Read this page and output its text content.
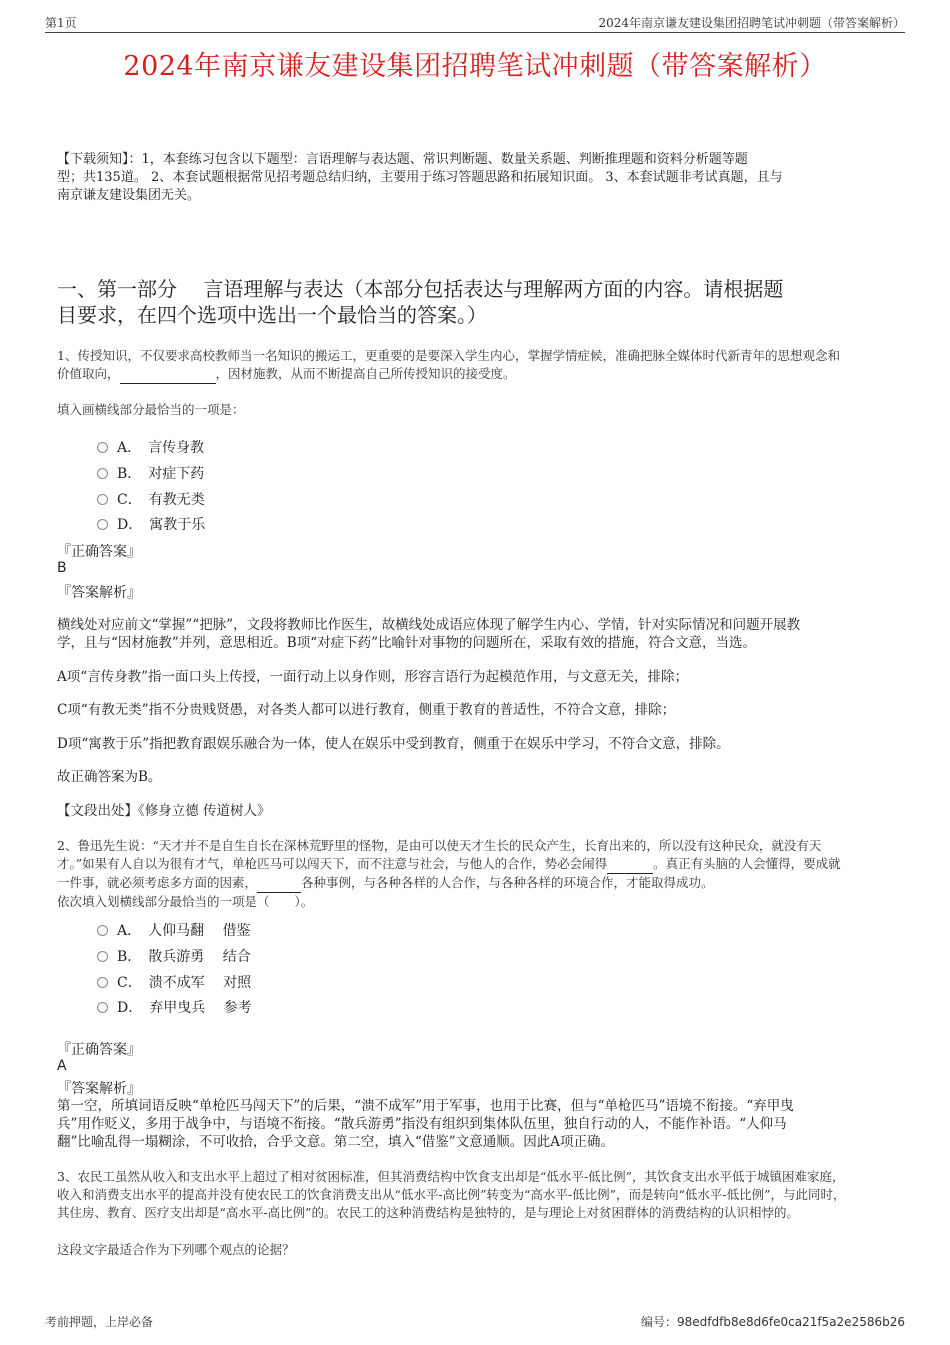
第1页	2024年南京谦友建设集团招聘笔试冲刺题（带答案解析）
2024年南京谦友建设集团招聘笔试冲刺题（带答案解析）
【下载须知】：1，本套练习包含以下题型：言语理解与表达题、常识判断题、数量关系题、判断推理题和资料分析题等题
型；共135道。 2、本套试题根据常见招考题总结归纳，主要用于练习答题思路和拓展知识面。 3、本套试题非考试真题，且与
南京谦友建设集团无关。
一、第一部分　 言语理解与表达（本部分包括表达与理解两方面的内容。请根据题
目要求，在四个选项中选出一个最恰当的答案。）
1、传授知识，不仅要求高校教师当一名知识的搬运工，更重要的是要深入学生内心，掌握学情症候，准确把脉全媒体时代新青年的思想观念和
价值取向，	，因材施教，从而不断提高自己所传授知识的接受度。
填入画横线部分最恰当的一项是：
A．　言传身教
B．　对症下药
C．　有教无类
D．　寓教于乐
『正确答案』
B
『答案解析』
横线处对应前文“掌握”“把脉”，文段将教师比作医生，故横线处成语应体现了解学生内心、学情，针对实际情况和问题开展教
学，且与“因材施教”并列，意思相近。B项“对症下药”比喻针对事物的问题所在，采取有效的措施，符合文意，当选。
A项“言传身教”指一面口头上传授，一面行动上以身作则，形容言语行为起模范作用，与文意无关，排除；
C项“有教无类”指不分贵贱贤愚，对各类人都可以进行教育，侧重于教育的普适性，不符合文意，排除；
D项“寓教于乐”指把教育跟娱乐融合为一体，使人在娱乐中受到教育，侧重于在娱乐中学习，不符合文意，排除。
故正确答案为B。
【文段出处】《修身立德 传道树人》
2、鲁迅先生说：“天才并不是自生自长在深林荒野里的怪物，是由可以使天才生长的民众产生，长育出来的，所以没有这种民众，就没有天
才。”如果有人自以为很有才气，单枪匹马可以闯天下，而不注意与社会，与他人的合作，势必会闹得	。真正有头脑的人会懂得，要成就
一件事，就必须考虑多方面的因素，	各种事例，与各种各样的人合作，与各种各样的环境合作，才能取得成功。
依次填入划横线部分最恰当的一项是（　　）。
A．　人仰马翻　 借鉴
B．　散兵游勇　 结合
C．　溃不成军　 对照
D．　弃甲曳兵　 参考
『正确答案』
A
『答案解析』
第一空，所填词语反映“单枪匹马闯天下”的后果，“溃不成军”用于军事，也用于比赛，但与“单枪匹马”语境不衔接。“弃甲曳
兵”用作贬义，多用于战争中，与语境不衔接。“散兵游勇”指没有组织到集体队伍里，独自行动的人，不能作补语。“人仰马
翻”比喻乱得一塌糊涂，不可收拾，合乎文意。第二空，填入“借鉴”文意通顺。因此A项正确。
3、农民工虽然从收入和支出水平上超过了相对贫困标准，但其消费结构中饮食支出却是“低水平-低比例”，其饮食支出水平低于城镇困难家庭，
收入和消费支出水平的提高并没有使农民工的饮食消费支出从“低水平-高比例”转变为“高水平-低比例”，而是转向“低水平-低比例”，与此同时，
其住房、教育、医疗支出却是“高水平-高比例”的。农民工的这种消费结构是独特的，是与理论上对贫困群体的消费结构的认识相悖的。
这段文字最适合作为下列哪个观点的论据？
考前押题，上岸必备	编号：98edfdfb8e8d6fe0ca21f5a2e2586b26
